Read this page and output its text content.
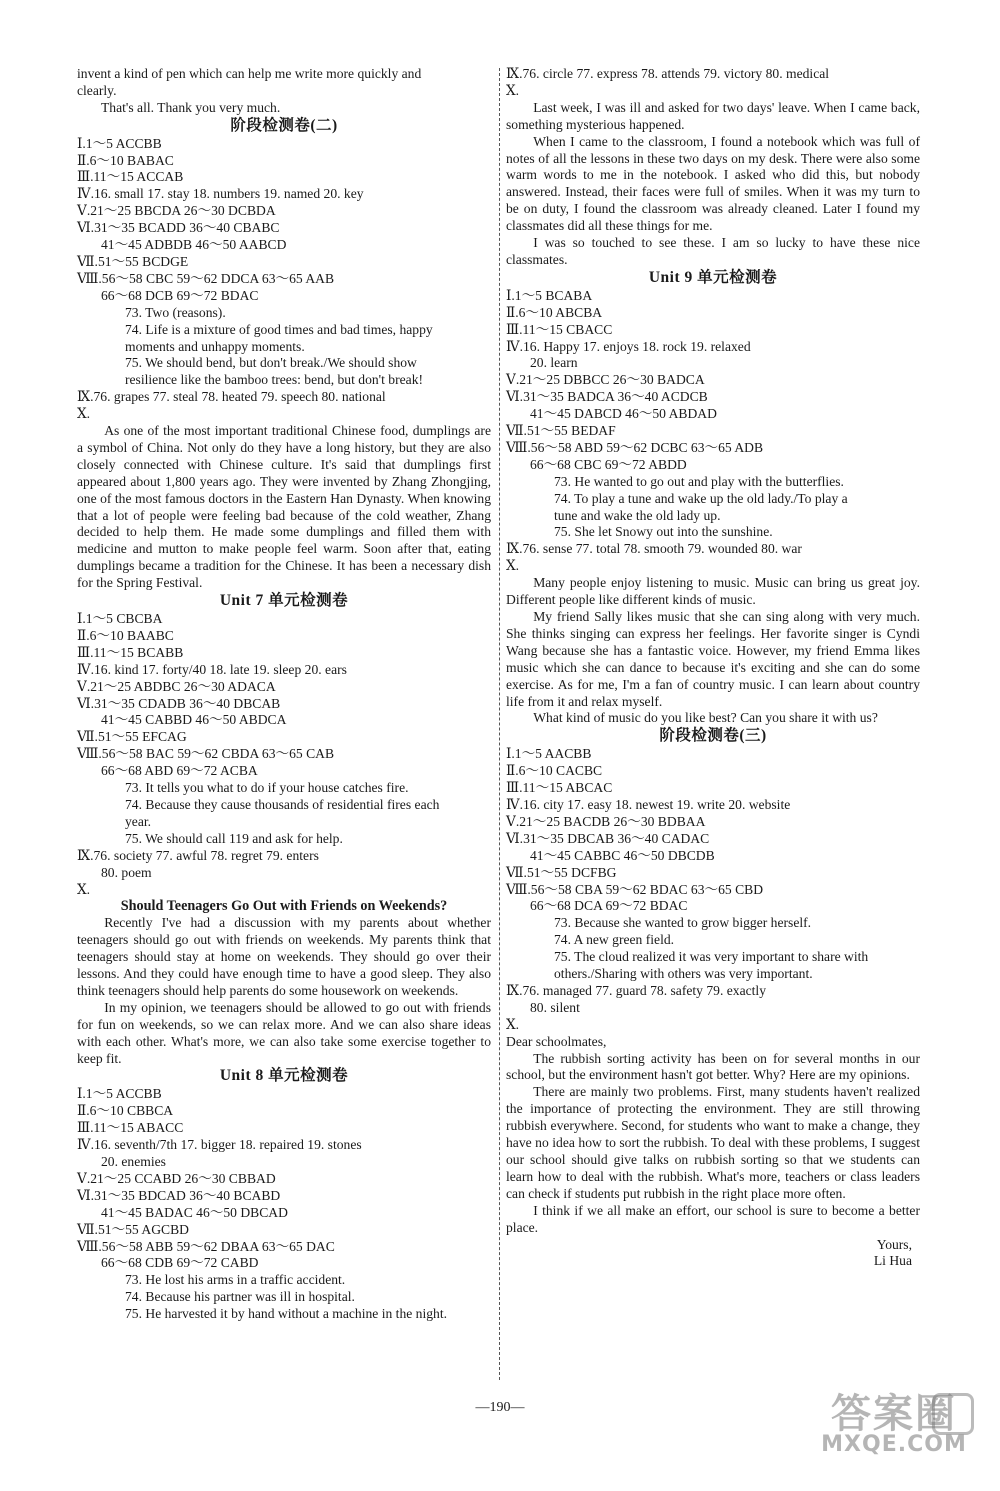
invent a kind of pen which can help me write more quickly and
clearly.
That's all. Thank you very much.
阶段检测卷(二)
Ⅰ.1～5 ACCBB
Ⅱ.6～10 BABAC
Ⅲ.11～15 ACCAB
Ⅳ.16. small 17. stay 18. numbers 19. named 20. key
Ⅴ.21～25 BBCDA 26～30 DCBDA
Ⅵ.31～35 BCADD 36～40 CBABC
41～45 ADBDB 46～50 AABCD
Ⅶ.51～55 BCDGE
Ⅷ.56～58 CBC 59～62 DDCA 63～65 AAB
66～68 DCB 69～72 BDAC
73. Two (reasons).
74. Life is a mixture of good times and bad times, happy
moments and unhappy moments.
75. We should bend, but don't break./We should show
resilience like the bamboo trees: bend, but don't break!
Ⅸ.76. grapes 77. steal 78. heated 79. speech 80. national
Ⅹ.
As one of the most important traditional Chinese food, dumplings are a symbol of China. Not only do they have a long history, but they are also closely connected with Chinese culture. It's said that dumplings first appeared about 1,800 years ago. They were invented by Zhang Zhongjing, one of the most famous doctors in the Eastern Han Dynasty. When knowing that a lot of people were feeling bad because of the cold weather, Zhang decided to help them. He made some dumplings and filled them with medicine and mutton to make people feel warm. Soon after that, eating dumplings became a tradition for the Chinese. It has been a necessary dish for the Spring Festival.
Unit 7 单元检测卷
Ⅰ.1～5 CBCBA
Ⅱ.6～10 BAABC
Ⅲ.11～15 BCABB
Ⅳ.16. kind 17. forty/40 18. late 19. sleep 20. ears
Ⅴ.21～25 ABDBC 26～30 ADACA
Ⅵ.31～35 CDADB 36～40 DBCAB
41～45 CABBD 46～50 ABDCA
Ⅶ.51～55 EFCAG
Ⅷ.56～58 BAC 59～62 CBDA 63～65 CAB
66～68 ABD 69～72 ACBA
73. It tells you what to do if your house catches fire.
74. Because they cause thousands of residential fires each
year.
75. We should call 119 and ask for help.
Ⅸ.76. society 77. awful 78. regret 79. enters
80. poem
Ⅹ.
Should Teenagers Go Out with Friends on Weekends?
Recently I've had a discussion with my parents about whether teenagers should go out with friends on weekends. My parents think that teenagers should stay at home on weekends. They should go over their lessons. And they could have enough time to have a good sleep. They also think teenagers should help parents do some housework on weekends.
In my opinion, we teenagers should be allowed to go out with friends for fun on weekends, so we can relax more. And we can also share ideas with each other. What's more, we can also take some exercise together to keep fit.
Unit 8 单元检测卷
Ⅰ.1～5 ACCBB
Ⅱ.6～10 CBBCA
Ⅲ.11～15 ABACC
Ⅳ.16. seventh/7th 17. bigger 18. repaired 19. stones
20. enemies
Ⅴ.21～25 CCABD 26～30 CBBAD
Ⅵ.31～35 BDCAD 36～40 BCABD
41～45 BADAC 46～50 DBCAD
Ⅶ.51～55 AGCBD
Ⅷ.56～58 ABB 59～62 DBAA 63～65 DAC
66～68 CDB 69～72 CABD
73. He lost his arms in a traffic accident.
74. Because his partner was ill in hospital.
75. He harvested it by hand without a machine in the night.
Ⅸ.76. circle 77. express 78. attends 79. victory 80. medical
Ⅹ.
Last week, I was ill and asked for two days' leave. When I came back, something mysterious happened.
When I came to the classroom, I found a notebook which was full of notes of all the lessons in these two days on my desk. There were also some warm words to me in the notebook. I asked who did this, but nobody answered. Instead, their faces were full of smiles. When it was my turn to be on duty, I found the classroom was already cleaned. Later I found my classmates did all these things for me.
I was so touched to see these. I am so lucky to have these nice classmates.
Unit 9 单元检测卷
Ⅰ.1～5 BCABA
Ⅱ.6～10 ABCBA
Ⅲ.11～15 CBACC
Ⅳ.16. Happy 17. enjoys 18. rock 19. relaxed
20. learn
Ⅴ.21～25 DBBCC 26～30 BADCA
Ⅵ.31～35 BADCA 36～40 ACDCB
41～45 DABCD 46～50 ABDAD
Ⅶ.51～55 BEDAF
Ⅷ.56～58 ABD 59～62 DCBC 63～65 ADB
66～68 CBC 69～72 ABDD
73. He wanted to go out and play with the butterflies.
74. To play a tune and wake up the old lady./To play a
tune and wake the old lady up.
75. She let Snowy out into the sunshine.
Ⅸ.76. sense 77. total 78. smooth 79. wounded 80. war
Ⅹ.
Many people enjoy listening to music. Music can bring us great joy. Different people like different kinds of music.
My friend Sally likes music that she can sing along with very much. She thinks singing can express her feelings. Her favorite singer is Cyndi Wang because she has a fantastic voice. However, my friend Emma likes music which she can dance to because it's exciting and she can do some exercise. As for me, I'm a fan of country music. I can learn about country life from it and relax myself.
What kind of music do you like best? Can you share it with us?
阶段检测卷(三)
Ⅰ.1～5 AACBB
Ⅱ.6～10 CACBC
Ⅲ.11～15 ABCAC
Ⅳ.16. city 17. easy 18. newest 19. write 20. website
Ⅴ.21～25 BACDB 26～30 BDBAA
Ⅵ.31～35 DBCAB 36～40 CADAC
41～45 CABBC 46～50 DBCDB
Ⅶ.51～55 DCFBG
Ⅷ.56～58 CBA 59～62 BDAC 63～65 CBD
66～68 DCA 69～72 BDAC
73. Because she wanted to grow bigger herself.
74. A new green field.
75. The cloud realized it was very important to share with
others./Sharing with others was very important.
Ⅸ.76. managed 77. guard 78. safety 79. exactly
80. silent
Ⅹ.
Dear schoolmates,
The rubbish sorting activity has been on for several months in our school, but the environment hasn't got better. Why? Here are my opinions.
There are mainly two problems. First, many students haven't realized the importance of protecting the environment. They are still throwing rubbish everywhere. Second, for students who want to make a change, they have no idea how to sort the rubbish. To deal with these problems, I suggest our school should give talks on rubbish sorting so that we students can learn how to deal with the rubbish. What's more, teachers or class leaders can check if students put rubbish in the right place more often.
I think if we all make an effort, our school is sure to become a better place.
Yours,
Li Hua
—190—	答案圈
MXQE.COM
